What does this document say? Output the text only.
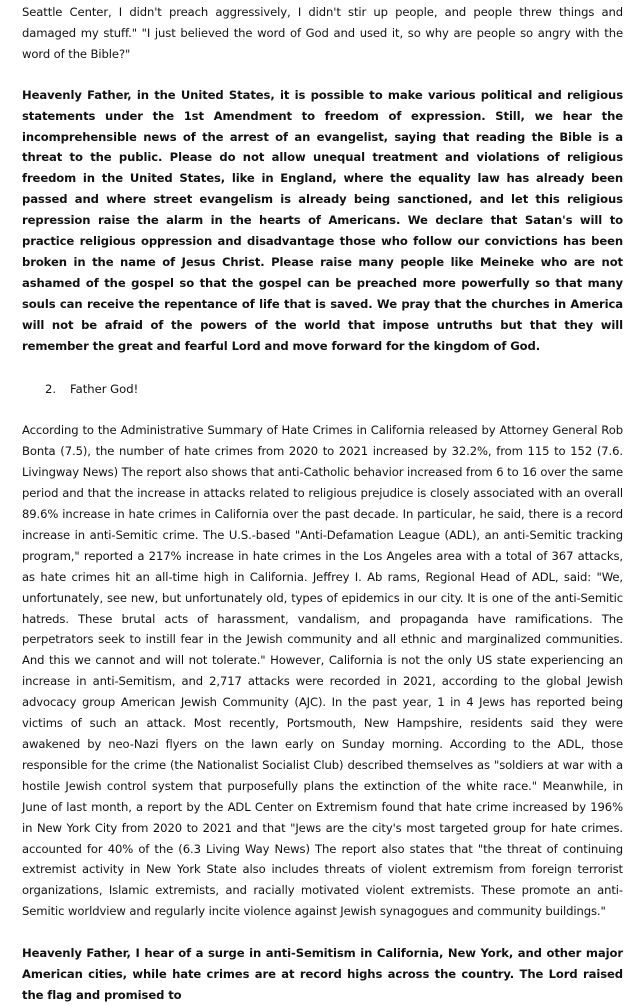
Seattle Center, I didn't preach aggressively, I didn't stir up people, and people threw things and damaged my stuff." "I just believed the word of God and used it, so why are people so angry with the word of the Bible?"

Heavenly Father, in the United States, it is possible to make various political and religious statements under the 1st Amendment to freedom of expression. Still, we hear the incomprehensible news of the arrest of an evangelist, saying that reading the Bible is a threat to the public. Please do not allow unequal treatment and violations of religious freedom in the United States, like in England, where the equality law has already been passed and where street evangelism is already being sanctioned, and let this religious repression raise the alarm in the hearts of Americans. We declare that Satan's will to practice religious oppression and disadvantage those who follow our convictions has been broken in the name of Jesus Christ. Please raise many people like Meineke who are not ashamed of the gospel so that the gospel can be preached more powerfully so that many souls can receive the repentance of life that is saved. We pray that the churches in America will not be afraid of the powers of the world that impose untruths but that they will remember the great and fearful Lord and move forward for the kingdom of God.

2.	Father God!

According to the Administrative Summary of Hate Crimes in California released by Attorney General Rob Bonta (7.5), the number of hate crimes from 2020 to 2021 increased by 32.2%, from 115 to 152 (7.6. Livingway News) The report also shows that anti-Catholic behavior increased from 6 to 16 over the same period and that the increase in attacks related to religious prejudice is closely associated with an overall 89.6% increase in hate crimes in California over the past decade. In particular, he said, there is a record increase in anti-Semitic crime. The U.S.-based "Anti-Defamation League (ADL), an anti-Semitic tracking program," reported a 217% increase in hate crimes in the Los Angeles area with a total of 367 attacks, as hate crimes hit an all-time high in California. Jeffrey I. Ab rams, Regional Head of ADL, said: "We, unfortunately, see new, but unfortunately old, types of epidemics in our city. It is one of the anti-Semitic hatreds. These brutal acts of harassment, vandalism, and propaganda have ramifications. The perpetrators seek to instill fear in the Jewish community and all ethnic and marginalized communities. And this we cannot and will not tolerate." However, California is not the only US state experiencing an increase in anti-Semitism, and 2,717 attacks were recorded in 2021, according to the global Jewish advocacy group American Jewish Community (AJC). In the past year, 1 in 4 Jews has reported being victims of such an attack. Most recently, Portsmouth, New Hampshire, residents said they were awakened by neo-Nazi flyers on the lawn early on Sunday morning. According to the ADL, those responsible for the crime (the Nationalist Socialist Club) described themselves as "soldiers at war with a hostile Jewish control system that purposefully plans the extinction of the white race." Meanwhile, in June of last month, a report by the ADL Center on Extremism found that hate crime increased by 196% in New York City from 2020 to 2021 and that "Jews are the city's most targeted group for hate crimes. accounted for 40% of the (6.3 Living Way News) The report also states that "the threat of continuing extremist activity in New York State also includes threats of violent extremism from foreign terrorist organizations, Islamic extremists, and racially motivated violent extremists. These promote an anti-Semitic worldview and regularly incite violence against Jewish synagogues and community buildings."

Heavenly Father, I hear of a surge in anti-Semitism in California, New York, and other major American cities, while hate crimes are at record highs across the country. The Lord raised the flag and promised to
